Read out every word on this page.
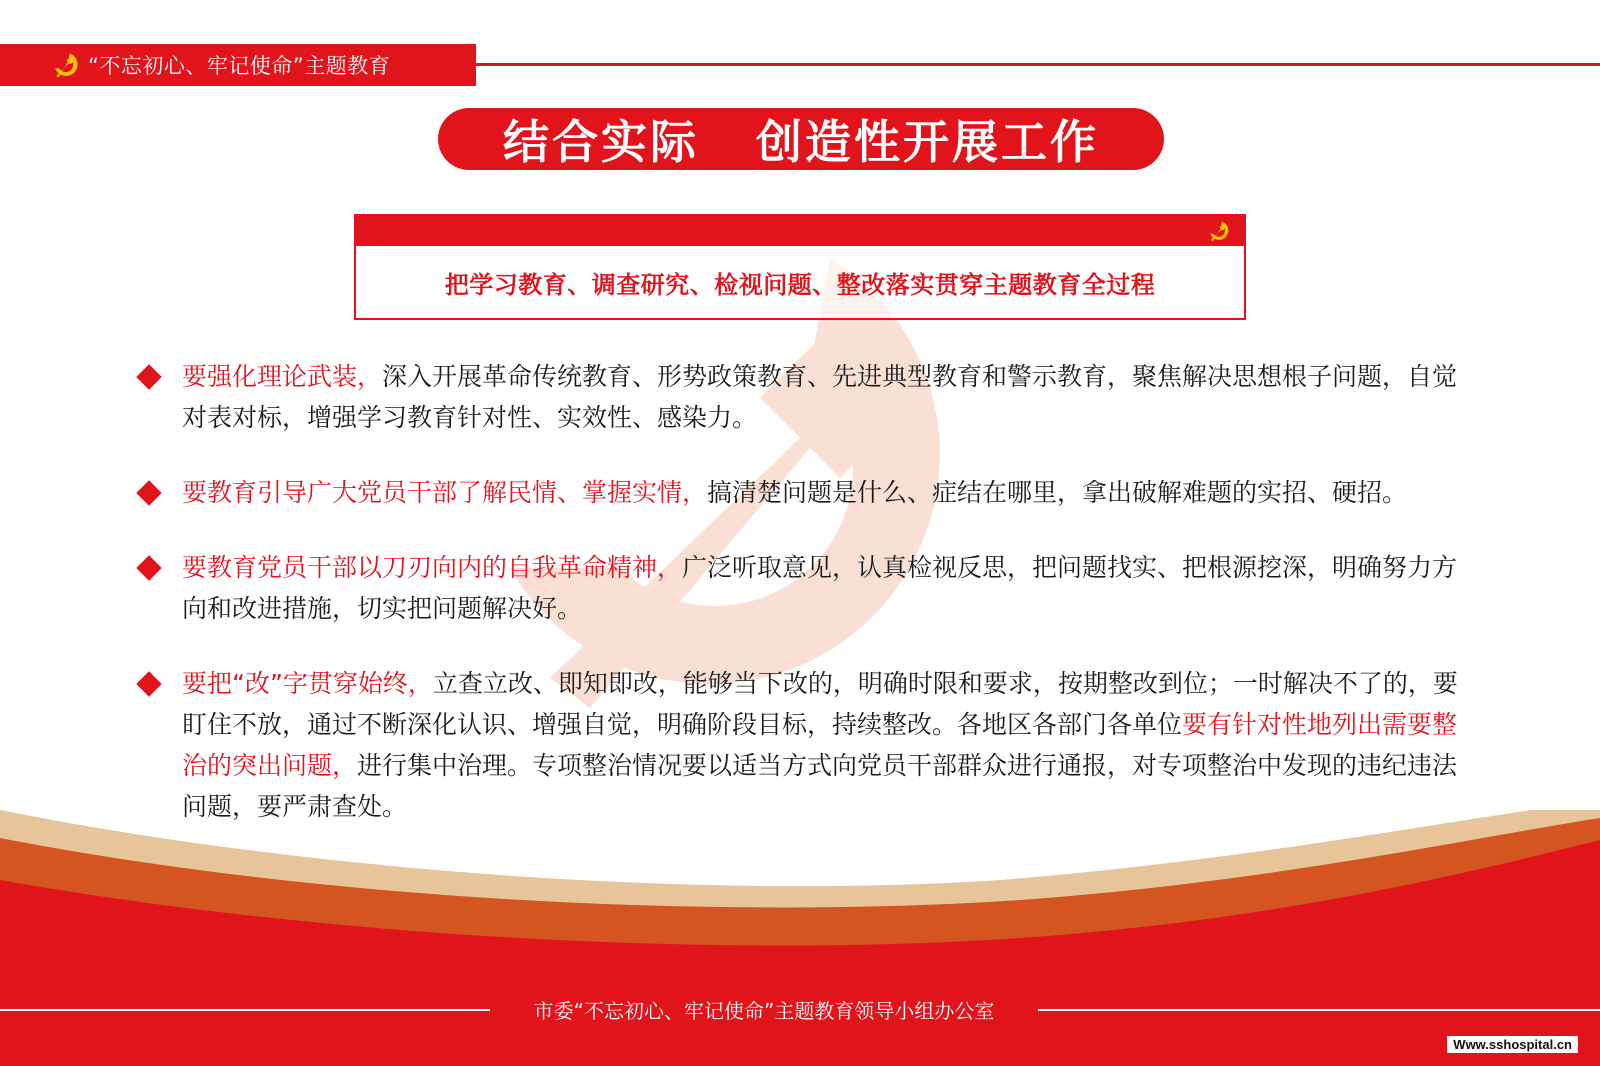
“不忘初心、牢记使命”主题教育
结合实际   创造性开展工作
把学习教育、调查研究、检视问题、整改落实贯穿主题教育全过程
要强化理论武装，深入开展革命传统教育、形势政策教育、先进典型教育和警示教育，聚焦解决思想根子问题，自觉对表对标，增强学习教育针对性、实效性、感染力。
要教育引导广大党员干部了解民情、掌握实情，搞清楚问题是什么、症结在哪里，拿出破解难题的实招、硬招。
要教育党员干部以刀刃向内的自我革命精神，广泛听取意见，认真检视反思，把问题找实、把根源挖深，明确努力方向和改进措施，切实把问题解决好。
要把“改”字贯穿始终，立查立改、即知即改，能够当下改的，明确时限和要求，按期整改到位；一时解决不了的，要盯住不放，通过不断深化认识、增强自觉，明确阶段目标，持续整改。各地区各部门各单位要有针对性地列出需要整治的突出问题，进行集中治理。专项整治情况要以适当方式向党员干部群众进行通报，对专项整治中发现的违纪违法问题，要严肃查处。
市委“不忘初心、牢记使命”主题教育领导小组办公室
Www.sshospital.cn
